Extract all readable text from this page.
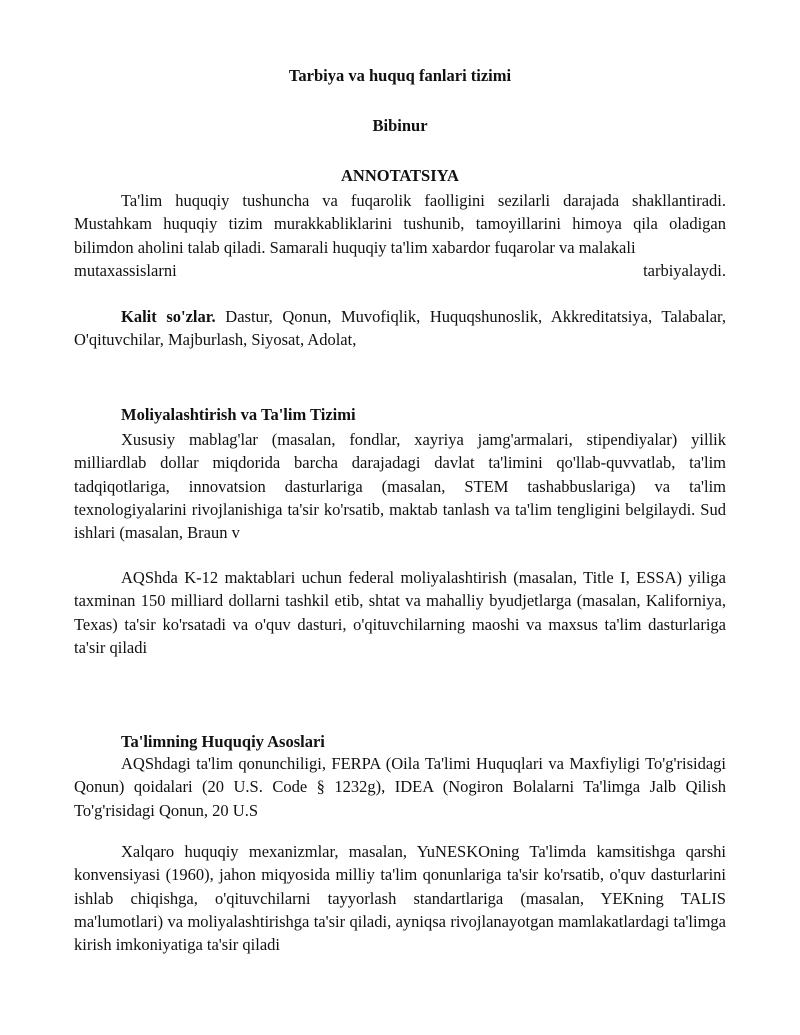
Tarbiya va huquq fanlari tizimi
Bibinur
ANNOTATSIYA
Ta'lim huquqiy tushuncha va fuqarolik faolligini sezilarli darajada shakllantiradi. Mustahkam huquqiy tizim murakkabliklarini tushunib, tamoyillarini himoya qila oladigan bilimdon aholini talab qiladi. Samarali huquqiy ta'lim xabardor fuqarolar va malakali
mutaxassislarni tarbiyalaydi.
Kalit so'zlar. Dastur, Qonun, Muvofiqlik, Huquqshunoslik, Akkreditatsiya, Talabalar, O'qituvchilar, Majburlash, Siyosat, Adolat,
Moliyalashtirish va Ta'lim Tizimi
Xususiy mablag'lar (masalan, fondlar, xayriya jamg'armalari, stipendiyalar) yillik milliardlab dollar miqdorida barcha darajadagi davlat ta'limini qo'llab-quvvatlab, ta'lim tadqiqotlariga, innovatsion dasturlariga (masalan, STEM tashabbuslariga) va ta'lim texnologiyalarini rivojlanishiga ta'sir ko'rsatib, maktab tanlash va ta'lim tengligini belgilaydi. Sud ishlari (masalan, Braun v
AQShda K-12 maktablari uchun federal moliyalashtirish (masalan, Title I, ESSA) yiliga taxminan 150 milliard dollarni tashkil etib, shtat va mahalliy byudjetlarga (masalan, Kaliforniya, Texas) ta'sir ko'rsatadi va o'quv dasturi, o'qituvchilarning maoshi va maxsus ta'lim dasturlariga ta'sir qiladi
Ta'limning Huquqiy Asoslari
AQShdagi ta'lim qonunchiligi, FERPA (Oila Ta'limi Huquqlari va Maxfiyligi To'g'risidagi Qonun) qoidalari (20 U.S. Code § 1232g), IDEA (Nogiron Bolalarni Ta'limga Jalb Qilish To'g'risidagi Qonun, 20 U.S
Xalqaro huquqiy mexanizmlar, masalan, YuNESKOning Ta'limda kamsitishga qarshi konvensiyasi (1960), jahon miqyosida milliy ta'lim qonunlariga ta'sir ko'rsatib, o'quv dasturlarini ishlab chiqishga, o'qituvchilarni tayyorlash standartlariga (masalan, YEKning TALIS ma'lumotlari) va moliyalashtirishga ta'sir qiladi, ayniqsa rivojlanayotgan mamlakatlardagi ta'limga kirish imkoniyatiga ta'sir qiladi
